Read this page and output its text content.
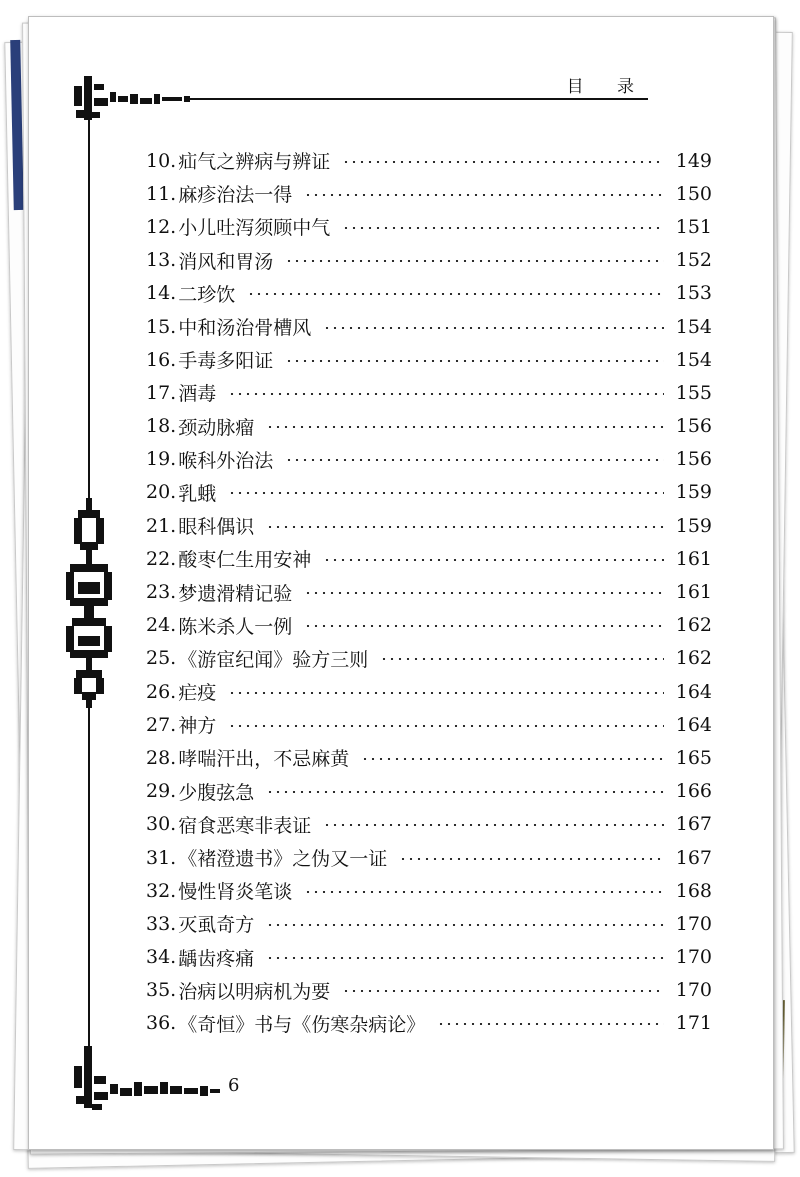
目 录
10. 疝气之辨病与辨证	149
11. 麻疹治法一得	150
12. 小儿吐泻须顾中气	151
13. 消风和胃汤	152
14. 二珍饮	153
15. 中和汤治骨槽风	154
16. 手毒多阳证	154
17. 酒毒	155
18. 颈动脉瘤	156
19. 喉科外治法	156
20. 乳蛾	159
21. 眼科偶识	159
22. 酸枣仁生用安神	161
23. 梦遗滑精记验	161
24. 陈米杀人一例	162
25. 《游宦纪闻》验方三则	162
26. 疟疫	164
27. 神方	164
28. 哮喘汗出，不忌麻黄	165
29. 少腹弦急	166
30. 宿食恶寒非表证	167
31. 《褚澄遗书》之伪又一证	167
32. 慢性肾炎笔谈	168
33. 灭虱奇方	170
34. 龋齿疼痛	170
35. 治病以明病机为要	170
36. 《奇恒》书与《伤寒杂病论》	171
6
